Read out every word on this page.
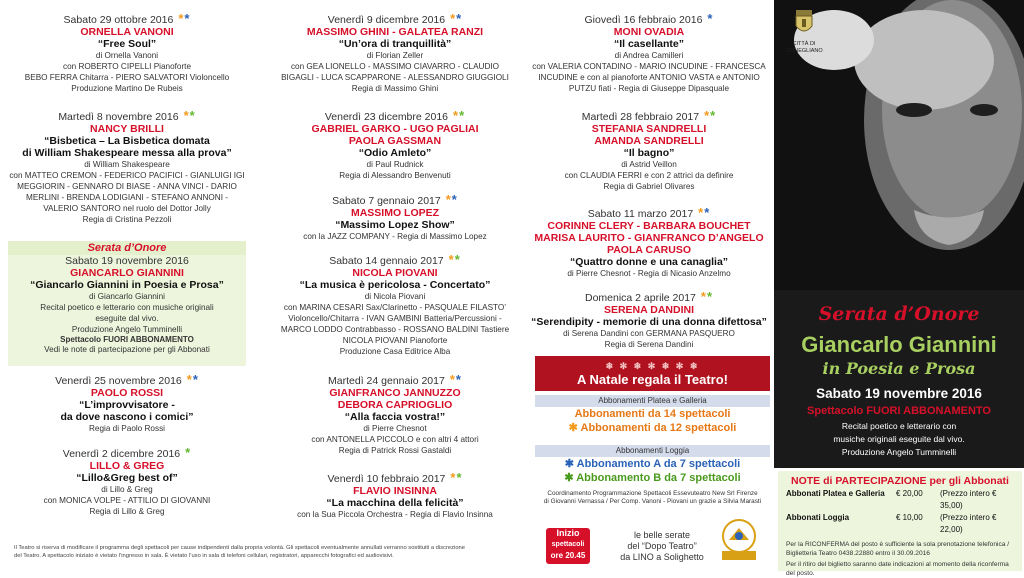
Sabato 29 ottobre 2016 **
ORNELLA VANONI
“Free Soul”
di Ornella Vanoni
con ROBERTO CIPELLI Pianoforte
BEBO FERRA Chitarra - PIERO SALVATORI Violoncello
Produzione Martino De Rubeis
Martedì 8 novembre 2016 **
NANCY BRILLI
“Bisbetica – La Bisbetica domata
di William Shakespeare messa alla prova”
di William Shakespeare
con MATTEO CREMON - FEDERICO PACIFICI - GIANLUIGI IGI
MEGGIORIN - GENNARO DI BIASE - ANNA VINCI - DARIO
MERLINI - BRENDA LODIGIANI - STEFANO ANNONI -
VALERIO SANTORO nel ruolo del Dottor Jolly
Regia di Cristina Pezzoli
Serata d’Onore
Sabato 19 novembre 2016
GIANCARLO GIANNINI
“Giancarlo Giannini in Poesia e Prosa”
di Giancarlo Giannini
Recital poetico e letterario con musiche originali
eseguite dal vivo.
Produzione Angelo Tumminelli
Spettacolo FUORI ABBONAMENTO
Vedi le note di partecipazione per gli Abbonati
Venerdì 25 novembre 2016 **
PAOLO ROSSI
“L’improvvisatore -
da dove nascono i comici”
Regia di Paolo Rossi
Venerdì 2 dicembre 2016 *
LILLO & GREG
“Lillo&Greg best of”
di Lillo & Greg
con MONICA VOLPE - ATTILIO DI GIOVANNI
Regia di Lillo & Greg
Venerdì 9 dicembre 2016 **
MASSIMO GHINI - GALATEA RANZI
“Un’ora di tranquillità”
di Florian Zeller
con GEA LIONELLO - MASSIMO CIAVARRO - CLAUDIO
BIGAGLI - LUCA SCAPPARONE - ALESSANDRO GIUGGIOLI
Regia di Massimo Ghini
Venerdì 23 dicembre 2016 **
GABRIEL GARKO - UGO PAGLIAI
PAOLA GASSMAN
“Odio Amleto”
di Paul Rudnick
Regia di Alessandro Benvenuti
Sabato 7 gennaio 2017 **
MASSIMO LOPEZ
“Massimo Lopez Show”
con la JAZZ COMPANY - Regia di Massimo Lopez
Sabato 14 gennaio 2017 **
NICOLA PIOVANI
“La musica è pericolosa - Concertato”
di Nicola Piovani
con MARINA CESARI Sax/Clarinetto - PASQUALE FILASTO’
Violoncello/Chitarra - IVAN GAMBINI Batteria/Percussioni -
MARCO LODDO Contrabbasso - ROSSANO BALDINI Tastiere
NICOLA PIOVANI Pianoforte
Produzione Casa Editrice Alba
Martedì 24 gennaio 2017 **
GIANFRANCO JANNUZZO
DEBORA CAPRIOGLIO
“Alla faccia vostra!”
di Pierre Chesnot
con ANTONELLA PICCOLO e con altri 4 attori
Regia di Patrick Rossi Gastaldi
Venerdì 10 febbraio 2017 **
FLAVIO INSINNA
“La macchina della felicità”
con la Sua Piccola Orchestra - Regia di Flavio Insinna
Giovedì 16 febbraio 2016 *
MONI OVADIA
“Il casellante”
di Andrea Camilleri
con VALERIA CONTADINO - MARIO INCUDINE - FRANCESCA
INCUDINE e con al pianoforte ANTONIO VASTA e ANTONIO
PUTZU fiati - Regia di Giuseppe Dipasquale
Martedì 28 febbraio 2017 **
STEFANIA SANDRELLI
AMANDA SANDRELLI
“Il bagno”
di Astrid Veillon
con CLAUDIA FERRI e con 2 attrici da definire
Regia di Gabriel Olivares
Sabato 11 marzo 2017 **
CORINNE CLERY - BARBARA BOUCHET
MARISA LAURITO - GIANFRANCO D’ANGELO
PAOLA CARUSO
“Quattro donne e una canaglia”
di Pierre Chesnot - Regia di Nicasio Anzelmo
Domenica 2 aprile 2017 **
SERENA DANDINI
“Serendipity - memorie di una donna difettosa”
di Serena Dandini con GERMANA PASQUERO
Regia di Serena Dandini
❄ ✻ ❄ ✻ ❄ ✻ ❄
A Natale regala il Teatro!
Abbonamenti Platea e Galleria
Abbonamenti da 14 spettacoli
✱ Abbonamenti da 12 spettacoli
Abbonamenti Loggia
✱ Abbonamento A da 7 spettacoli
✱ Abbonamento B da 7 spettacoli
Coordinamento Programmazione Spettacoli Essevuteatro New Srl Firenze
di Giovanni Vernassa / Per Comp. Vanoni - Piovani un grazie a Silvia Marasti
Inizio
spettacoli
ore 20.45
le belle serate
del “Dopo Teatro”
da LINO a Solighetto
Il Teatro si riserva di modificare il programma degli spettacoli per cause indipendenti dalla propria volontà. Gli spettacoli eventualmente annullati verranno sostituiti a discrezione
del Teatro. A spettacolo iniziato è vietato l’ingresso in sala. È vietato l’uso in sala di telefoni cellulari, registratori, apparecchi fotografici ed audiovisivi.
CITTÀ DI
CONEGLIANO
Serata d’Onore
Giancarlo Giannini
in Poesia e Prosa
Sabato 19 novembre 2016
Spettacolo FUORI ABBONAMENTO
Recital poetico e letterario con
musiche originali eseguite dal vivo.
Produzione Angelo Tumminelli
NOTE di PARTECIPAZIONE per gli Abbonati
Abbonati Platea e Galleria	€ 20,00	(Prezzo intero € 35,00)
Abbonati Loggia	€ 10,00	(Prezzo intero € 22,00)
Per la RICONFERMA del posto è sufficiente la sola prenotazione telefonica / Biglietteria Teatro 0438.22880 entro il 30.09.2016
Per il ritiro del biglietto saranno date indicazioni al momento della riconferma del posto.
